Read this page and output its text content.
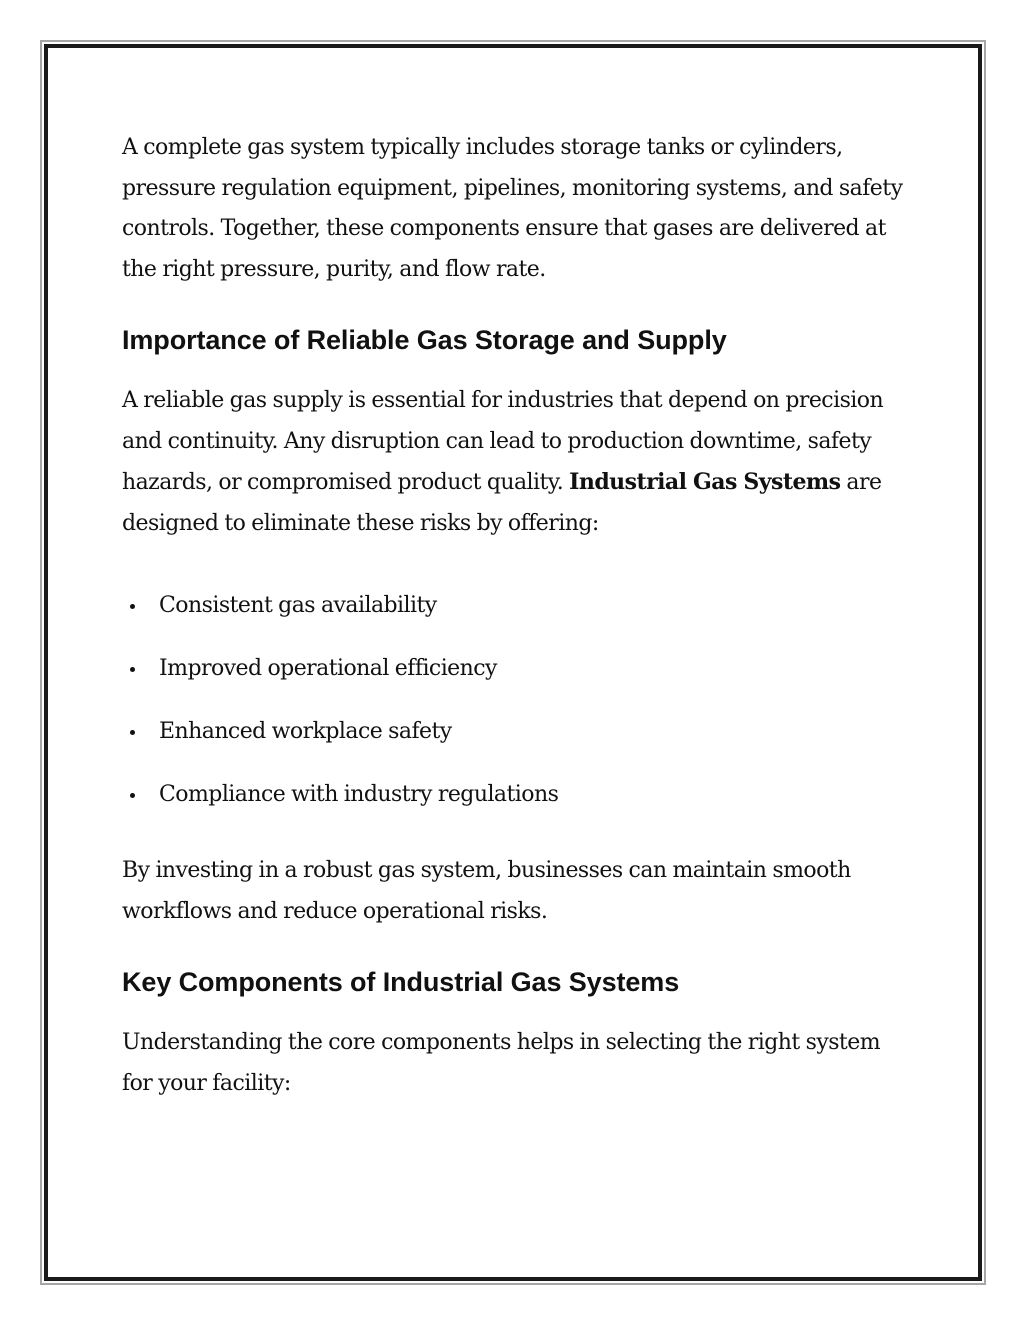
A complete gas system typically includes storage tanks or cylinders, pressure regulation equipment, pipelines, monitoring systems, and safety controls. Together, these components ensure that gases are delivered at the right pressure, purity, and flow rate.

Importance of Reliable Gas Storage and Supply

A reliable gas supply is essential for industries that depend on precision and continuity. Any disruption can lead to production downtime, safety hazards, or compromised product quality. Industrial Gas Systems are designed to eliminate these risks by offering:

Consistent gas availability
Improved operational efficiency
Enhanced workplace safety
Compliance with industry regulations

By investing in a robust gas system, businesses can maintain smooth workflows and reduce operational risks.

Key Components of Industrial Gas Systems

Understanding the core components helps in selecting the right system for your facility:
